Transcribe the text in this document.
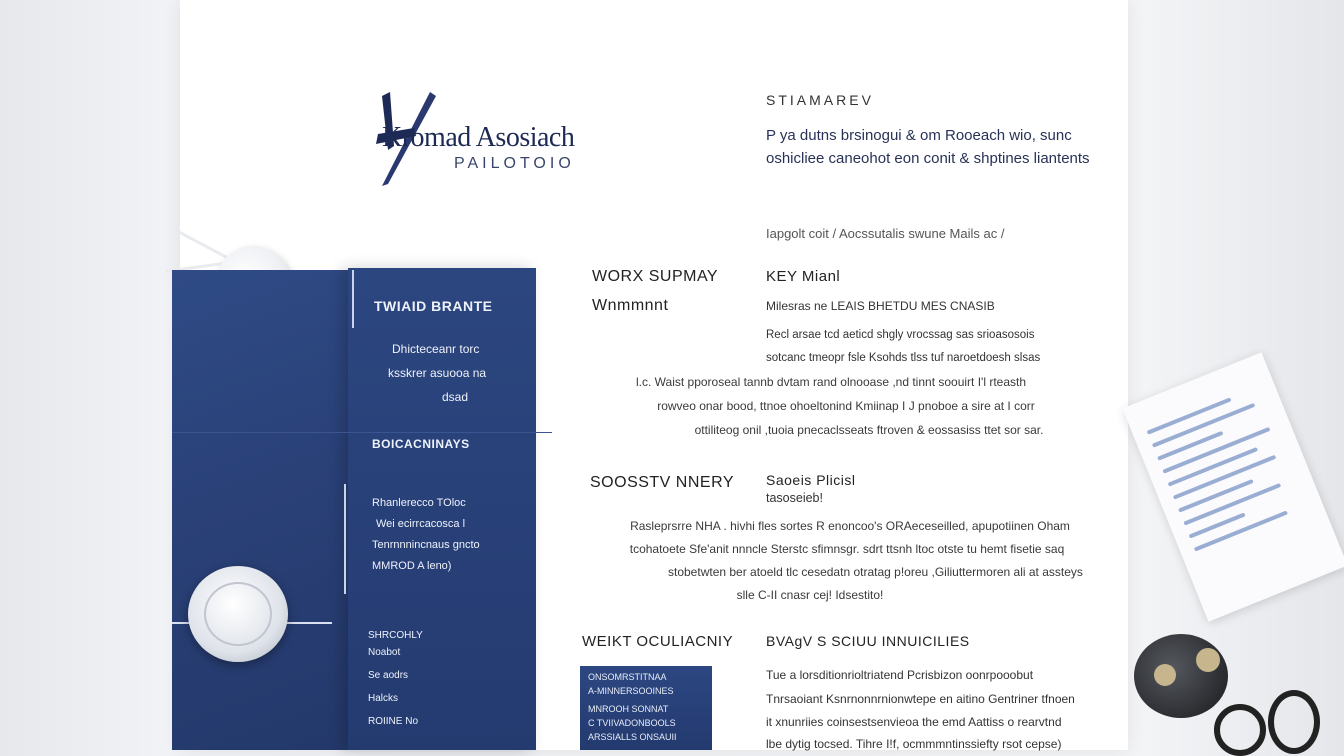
Kromad Asosiach
PAILOTOIO
STIAMAREV
P ya dutns brsinogui & om Rooeach wio, sunc oshicliee caneohot eon conit & shptines liantents
Iapgolt coit / Aocssutalis swune Mails ac /
TWIAID BRANTE
Dhicteceanr torc
ksskrer asuooa na
dsad
BOICACNINAYS
Rhanlerecco TOloc
Wei ecirrcacosca l
Tenrnnnincnaus gncto
MMROD A leno)
SHRCOHLY
Noabot
Se aodrs
Halcks
ROIINE No
WORX SUPMAY
Wnmmnnt
KEY Mianl
Milesras ne LEAIS BHETDU MES CNASIB
Recl arsae tcd aeticd shgly vrocssag sas srioasosois
sotcanc tmeopr fsle Ksohds tlss tuf naroetdoesh slsas
l.c. Waist pporoseal tannb dvtam rand olnooase ,nd tinnt soouirt I'l rteasth
rowveo onar bood, ttnoe ohoeltonind Kmiinap I J pnoboe a sire at I corr
ottiliteog onil ,tuoia pnecaclsseats ftroven & eossasiss ttet sor sar.
SOOSSTV NNERY Saoeis Plicisl
tasoseieb!
Rasleprsrre NHA . hivhi fles sortes R enoncoo's ORAeceseilled, apupotiinen Oham
tcohatoete Sfe'anit nnncle Sterstc sfimnsgr. sdrt ttsnh ltoc otste tu hemt fisetie saq
stobetwten ber atoeld tlc cesedatn otratag p!oreu ,Giliuttermoren ali at assteys
slle C-II cnasr cej! Idsestito!
WEIKT OCULIACNIY BVAgV S SCIUU INNUICILIES
Tue a lorsditionrioltriatend Pcrisbizon oonrpooobut
Tnrsaoiant Ksnrnonnrnionwtepe en aitino Gentriner tfnoen
it xnunriies coinsestsenvieoa the emd Aattiss o rearvtnd
lbe dytig tocsed. Tihre I!f, ocmmmntinssiefty rsot cepse)
ONSOMRSTITNAA
A-MINNERSOOINES
MNROOH SONNAT
C TVIIVADONBOOLS
ARSSIALLS ONSAUII
